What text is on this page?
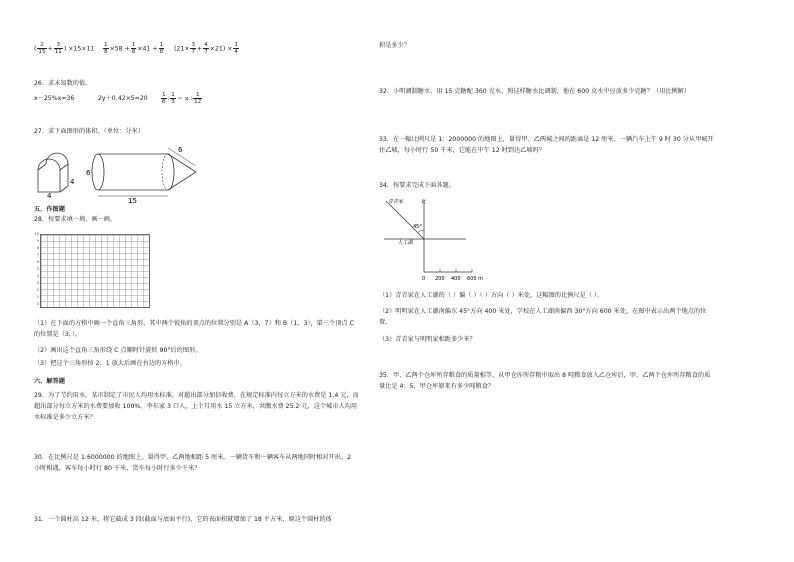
( $\frac{2}{15} + \frac{3}{11}$ ) $\times 15\times 11 \frac{1}{8} \times 58 + \frac{1}{8} \times 41 + \frac{1}{8} (21\times \frac{3}{7} + \frac{4}{7} \times 21) \times \frac{1}{4}$
26．求未知数的值。
x－25%x=36	$2y+0.42\times 5=20 \frac{1}{6}$ ∶ $\frac{1}{3} = x$ ∶ $\frac{1}{12}$
27．求下面图形的体积。（单位：分米）
4
4
6
15
6
五、作图题
28．按要求填一填，画一画。
10
9
8
7
6
5
4
3
2
1
0
（1）在下面的方格中画一个直角三角形，其中两个锐角的顶点的位置分别是 A（3，7）和 B（1，3），第三个顶点 C 的位置是（3，）。
（2）画出这个直角三角形绕 C 点顺时针旋转 90°后的图形。
（3）把这个三角形按 2：1 放大后画在右边的方格中。
六、解答题
29．为了节约用水，某市制定了市民人均用水标准，对超出部分加倍收费。在规定标准内每立方米的水费是 1.4 元，而超出部分每立方米的水费要加收 100%。李东家 3 口人，上个月用水 15 立方米，共缴水费 25.2 元，这个城市人均用水标准是多少立方米？
30．在比例尺是 1:6000000 的地图上，量得甲、乙两地相距 5 厘米。一辆货车和一辆客车从两地同时相对开出，2 小时相遇。客车每小时行 80 千米，货车每小时行多少千米？
31．一个圆柱高 12 米，将它截成 3 段(截面与底面平行)，它的表面积就增加了 18 平方米，原这个圆柱的体
积是多少？
32．小明调制糖水，用 15 克糖配 360 克水，照这样糖水比调制，他在 600 克水中应放多少克糖？（用比例解）
33．在一幅比例尺是 1：2000000 的地图上，量得甲、乙两城之间的距离是 12 厘米，一辆汽车上午 9 时 30 分从甲城开往乙城，每小时行 50 千米，它能在中午 12 时到达乙城吗？
34．按要求完成下面各题。
北
45°
青青家
人工湖
0 200 400 600 m
（1）青青家在人工湖的（ ）偏（ ）（ ）方向（ ）米处，这幅图的比例尺是（ ）。
（2）明明家在人工湖南偏东 45°方向 400 米处，学校在人工湖南偏西 30°方向 600 米处，在图中表示出两个地点的位置。
（3）青青家与明明家相距多少米？
35．甲、乙两个仓库所存粮食的质量相等，从甲仓库所存粮中取出 8 吨粮食放入乙仓库后，甲、乙两个仓库所存粮食的质量比是 4：5，甲仓库原来有多少吨粮食？
